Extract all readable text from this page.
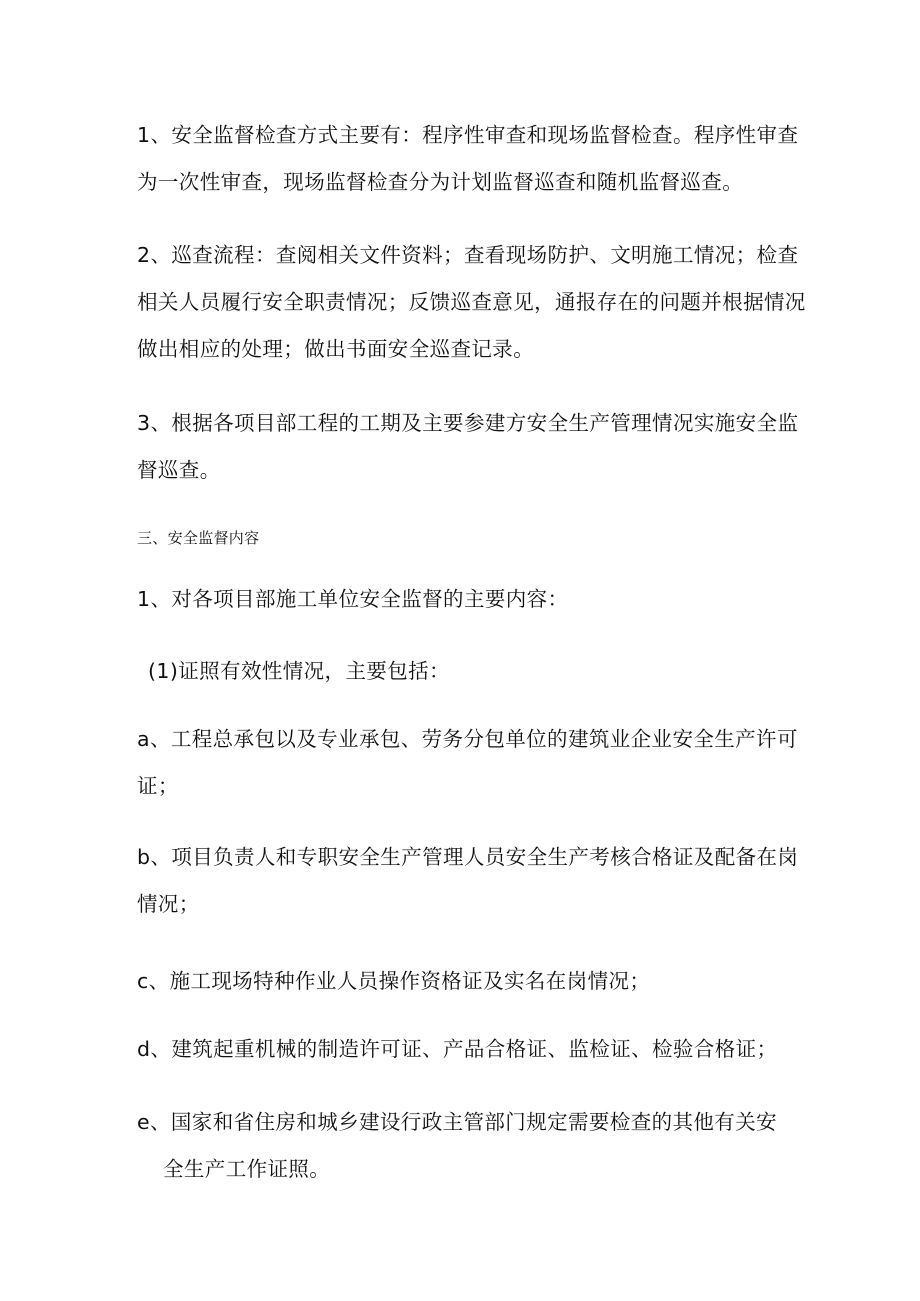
1、安全监督检查方式主要有：程序性审查和现场监督检查。程序性审查
为一次性审查，现场监督检查分为计划监督巡查和随机监督巡查。

2、巡查流程：查阅相关文件资料；查看现场防护、文明施工情况；检查
相关人员履行安全职责情况；反馈巡查意见，通报存在的问题并根据情况
做出相应的处理；做出书面安全巡查记录。

3、根据各项目部工程的工期及主要参建方安全生产管理情况实施安全监
督巡查。

三、安全监督内容

1、对各项目部施工单位安全监督的主要内容：

(1)证照有效性情况，主要包括：

a、工程总承包以及专业承包、劳务分包单位的建筑业企业安全生产许可
证；

b、项目负责人和专职安全生产管理人员安全生产考核合格证及配备在岗
情况；

c、施工现场特种作业人员操作资格证及实名在岗情况；

d、建筑起重机械的制造许可证、产品合格证、监检证、检验合格证；

e、国家和省住房和城乡建设行政主管部门规定需要检查的其他有关安
全生产工作证照。
